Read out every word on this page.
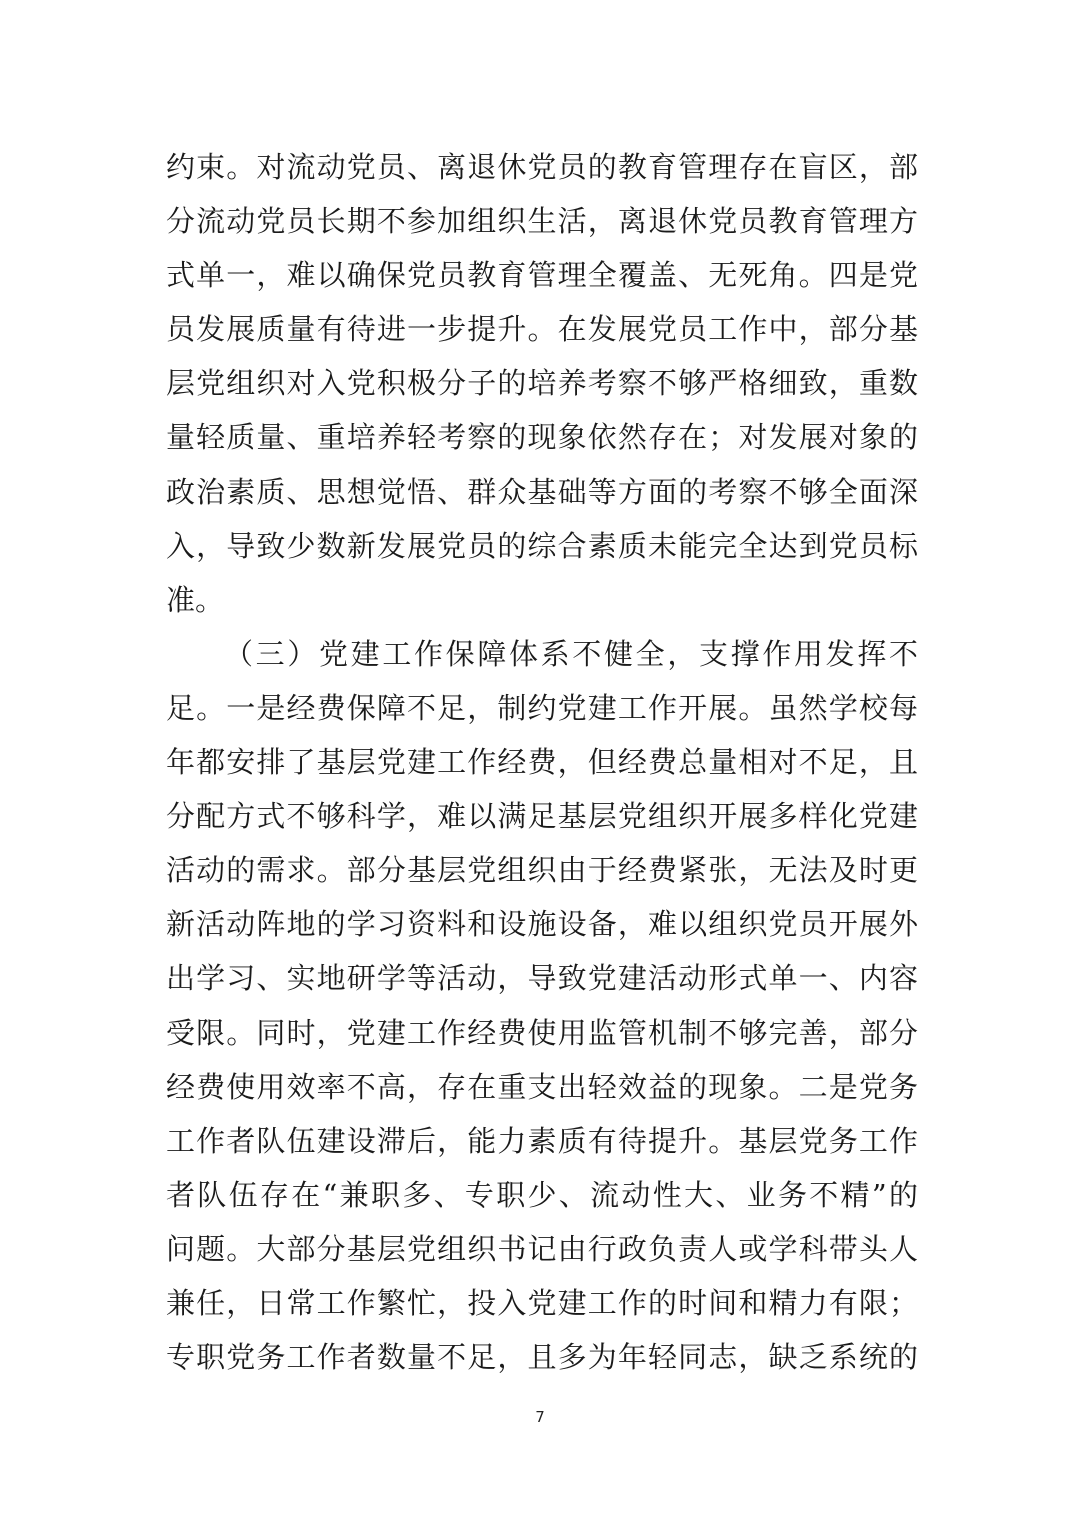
约束。对流动党员、离退休党员的教育管理存在盲区，部
分流动党员长期不参加组织生活，离退休党员教育管理方
式单一，难以确保党员教育管理全覆盖、无死角。四是党
员发展质量有待进一步提升。在发展党员工作中，部分基
层党组织对入党积极分子的培养考察不够严格细致，重数
量轻质量、重培养轻考察的现象依然存在；对发展对象的
政治素质、思想觉悟、群众基础等方面的考察不够全面深
入，导致少数新发展党员的综合素质未能完全达到党员标
准。
（三）党建工作保障体系不健全，支撑作用发挥不
足。一是经费保障不足，制约党建工作开展。虽然学校每
年都安排了基层党建工作经费，但经费总量相对不足，且
分配方式不够科学，难以满足基层党组织开展多样化党建
活动的需求。部分基层党组织由于经费紧张，无法及时更
新活动阵地的学习资料和设施设备，难以组织党员开展外
出学习、实地研学等活动，导致党建活动形式单一、内容
受限。同时，党建工作经费使用监管机制不够完善，部分
经费使用效率不高，存在重支出轻效益的现象。二是党务
工作者队伍建设滞后，能力素质有待提升。基层党务工作
者队伍存在“兼职多、专职少、流动性大、业务不精”的
问题。大部分基层党组织书记由行政负责人或学科带头人
兼任，日常工作繁忙，投入党建工作的时间和精力有限；
专职党务工作者数量不足，且多为年轻同志，缺乏系统的
7
